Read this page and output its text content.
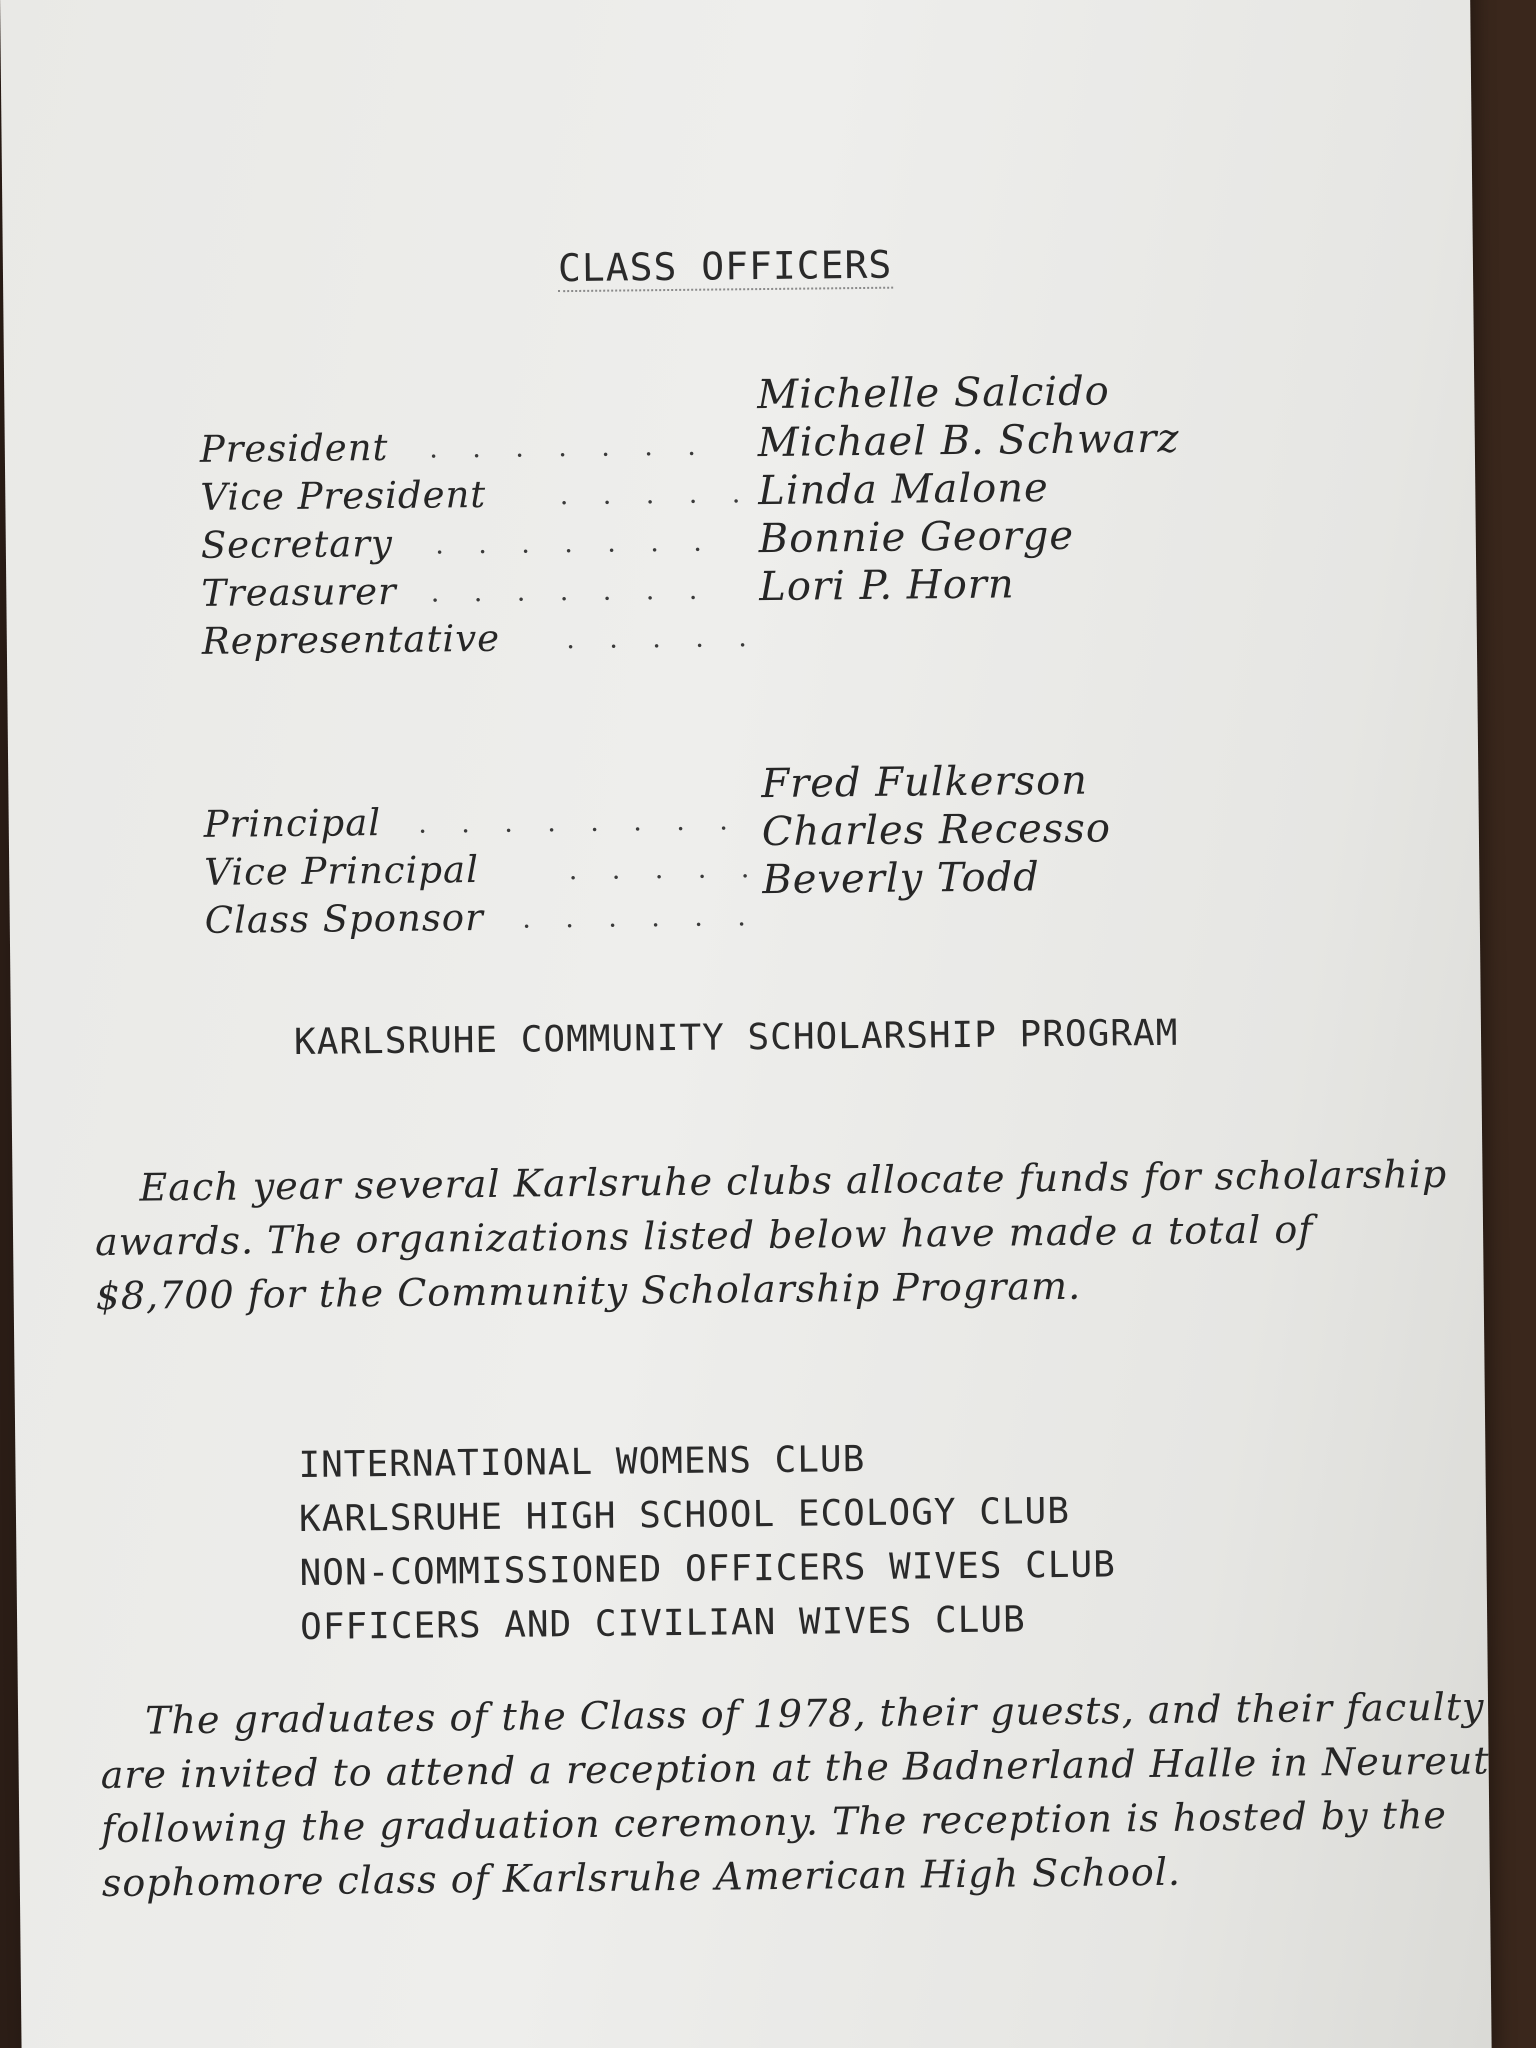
CLASS OFFICERS
President . . . . . . .
Michelle Salcido
Vice President . . . . .
Michael B. Schwarz
Secretary . . . . . . .
Linda Malone
Treasurer . . . . . . .
Bonnie George
Representative . . . . .
Lori P. Horn
Principal . . . . . . . .
Fred Fulkerson
Vice Principal	. . . . .
Charles Recesso
Class Sponsor . . . . . .
Beverly Todd
KARLSRUHE COMMUNITY SCHOLARSHIP PROGRAM

Each year several Karlsruhe clubs allocate funds for scholarship awards. The organizations listed below have made a total of $8,700 for the Community Scholarship Program.

INTERNATIONAL WOMENS CLUB
KARLSRUHE HIGH SCHOOL ECOLOGY CLUB
NON-COMMISSIONED OFFICERS WIVES CLUB
OFFICERS AND CIVILIAN WIVES CLUB

The graduates of the Class of 1978, their guests, and their faculty are invited to attend a reception at the Badnerland Halle in Neureut following the graduation ceremony. The reception is hosted by the sophomore class of Karlsruhe American High School.
